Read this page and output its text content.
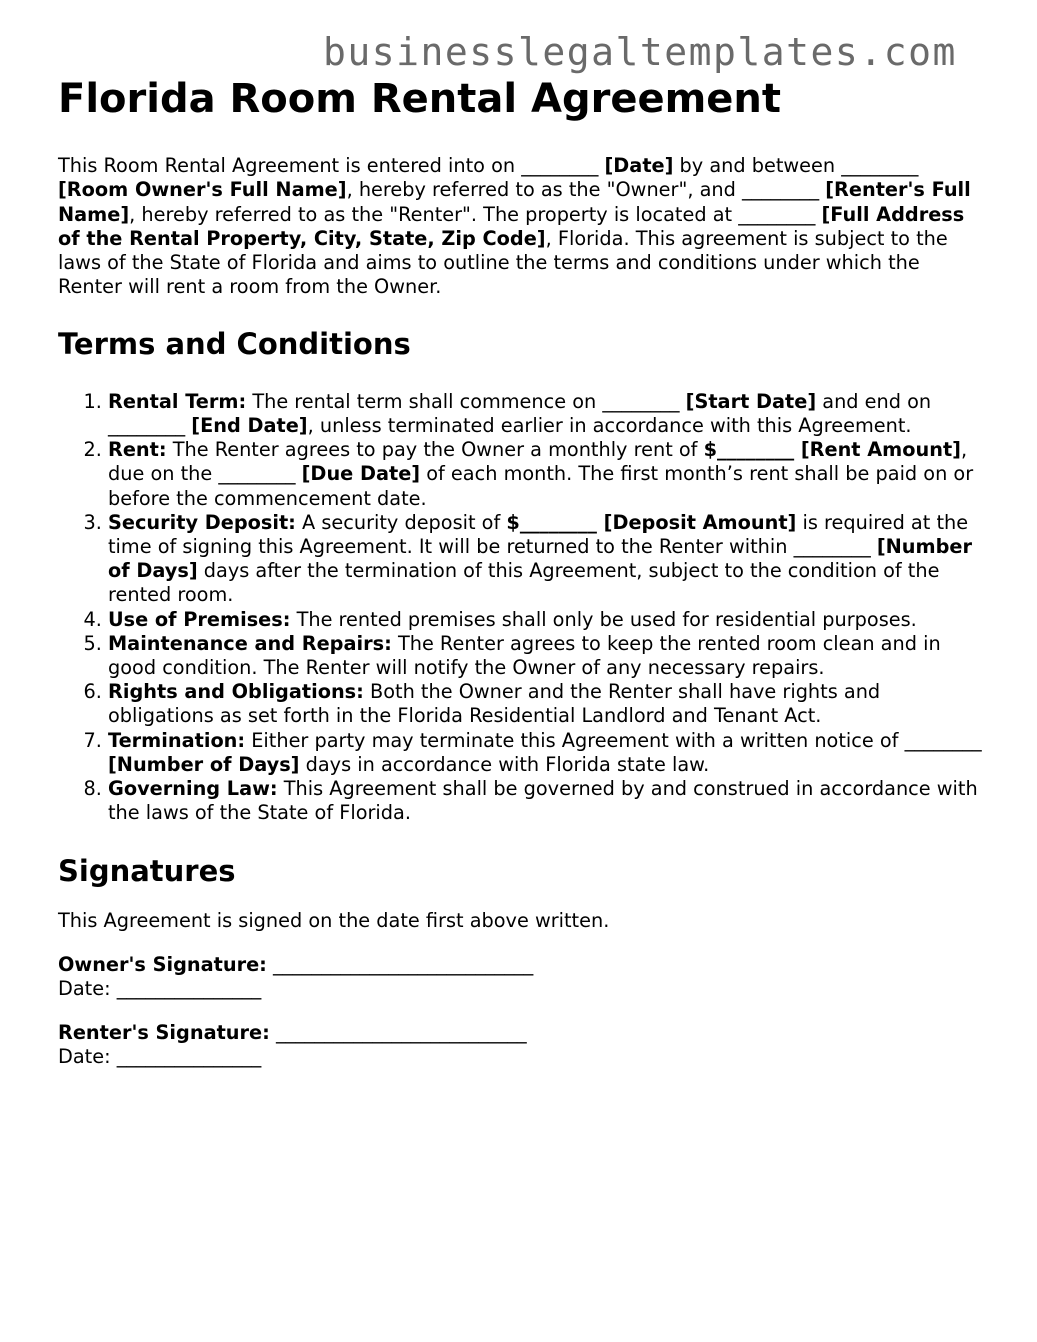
businesslegaltemplates.com
Florida Room Rental Agreement

This Room Rental Agreement is entered into on ________ [Date] by and between ________ [Room Owner's Full Name], hereby referred to as the "Owner", and ________ [Renter's Full Name], hereby referred to as the "Renter". The property is located at ________ [Full Address of the Rental Property, City, State, Zip Code], Florida. This agreement is subject to the laws of the State of Florida and aims to outline the terms and conditions under which the Renter will rent a room from the Owner.

Terms and Conditions
1. Rental Term: The rental term shall commence on ________ [Start Date] and end on ________ [End Date], unless terminated earlier in accordance with this Agreement.
2. Rent: The Renter agrees to pay the Owner a monthly rent of $________ [Rent Amount], due on the ________ [Due Date] of each month. The first month’s rent shall be paid on or before the commencement date.
3. Security Deposit: A security deposit of $________ [Deposit Amount] is required at the time of signing this Agreement. It will be returned to the Renter within ________ [Number of Days] days after the termination of this Agreement, subject to the condition of the rented room.
4. Use of Premises: The rented premises shall only be used for residential purposes.
5. Maintenance and Repairs: The Renter agrees to keep the rented room clean and in good condition. The Renter will notify the Owner of any necessary repairs.
6. Rights and Obligations: Both the Owner and the Renter shall have rights and obligations as set forth in the Florida Residential Landlord and Tenant Act.
7. Termination: Either party may terminate this Agreement with a written notice of ________ [Number of Days] days in accordance with Florida state law.
8. Governing Law: This Agreement shall be governed by and construed in accordance with the laws of the State of Florida.
Signatures

This Agreement is signed on the date first above written.

Owner's Signature: ___________________________
Date: _______________
Renter's Signature: __________________________
Date: _______________
